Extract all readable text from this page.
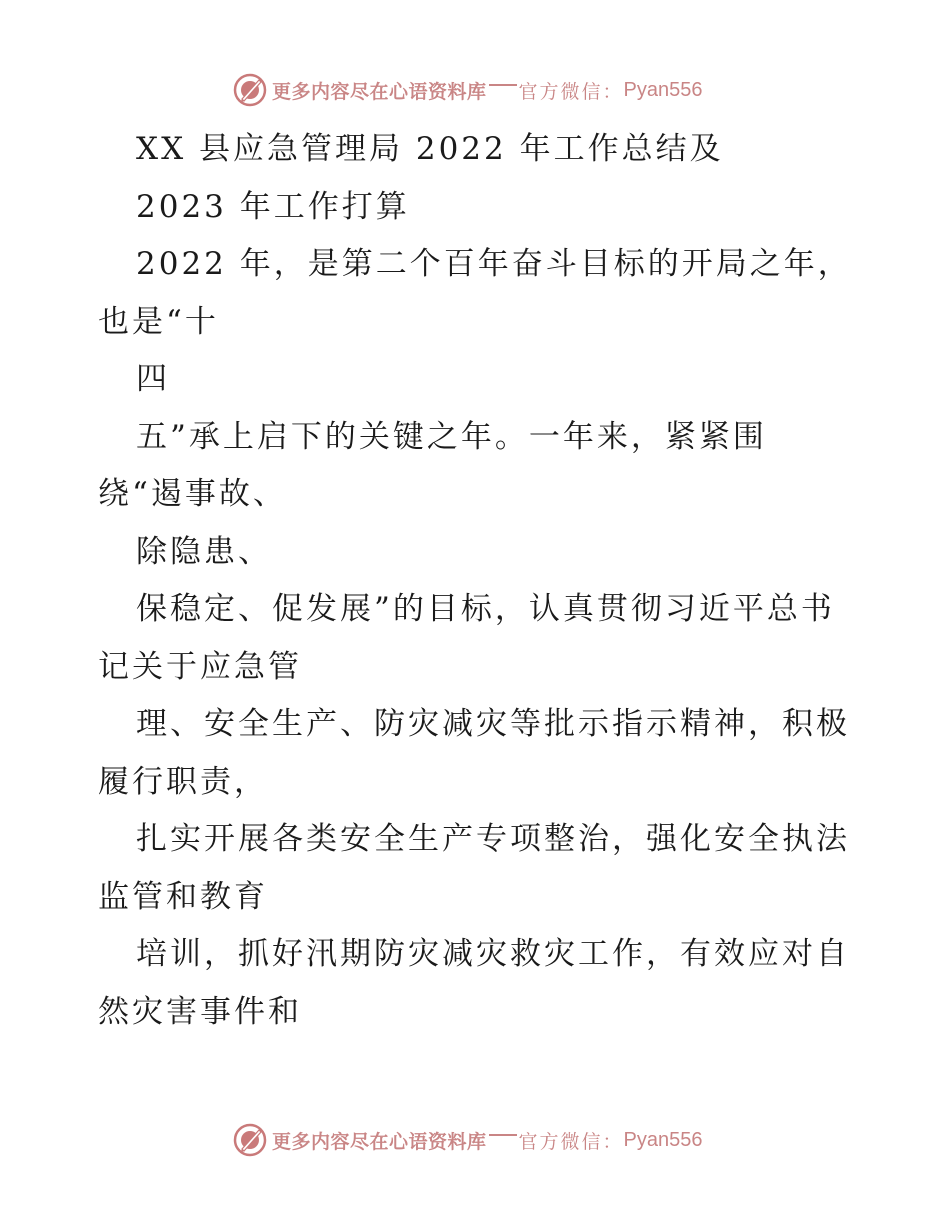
更多内容尽在心语资料库 官方微信： Pyan556
XX 县应急管理局 2022 年工作总结及
2023 年工作打算
2022 年，是第二个百年奋斗目标的开局之年，
也是“十
四
五”承上启下的关键之年。一年来，紧紧围
绕“遏事故、
除隐患、
保稳定、促发展”的目标，认真贯彻习近平总书
记关于应急管
理、安全生产、防灾减灾等批示指示精神，积极
履行职责，
扎实开展各类安全生产专项整治，强化安全执法
监管和教育
培训，抓好汛期防灾减灾救灾工作，有效应对自
然灾害事件和
更多内容尽在心语资料库 官方微信： Pyan556
